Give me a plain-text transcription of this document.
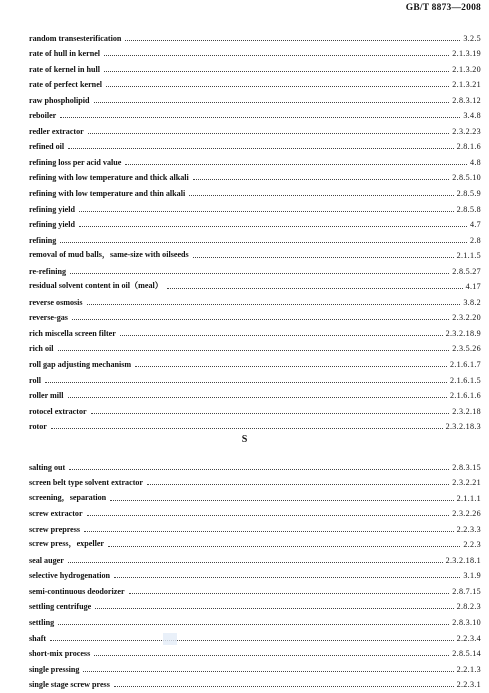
GB/T 8873—2008
random transesterification	3.2.5
rate of hull in kernel	2.1.3.19
rate of kernel in hull	2.1.3.20
rate of perfect kernel	2.1.3.21
raw phospholipid	2.8.3.12
reboiler	3.4.8
redler extractor	2.3.2.23
refined oil	2.8.1.6
refining loss per acid value	4.8
refining with low temperature and thick alkali	2.8.5.10
refining with low temperature and thin alkali	2.8.5.9
refining yield	2.8.5.8
refining yield	4.7
refining	2.8
removal of mud balls，same-size with oilseeds	2.1.1.5
re-refining	2.8.5.27
residual solvent content in oil（meal）	4.17
reverse osmosis	3.8.2
reverse-gas	2.3.2.20
rich miscella screen filter	2.3.2.18.9
rich oil	2.3.5.26
roll gap adjusting mechanism	2.1.6.1.7
roll	2.1.6.1.5
roller mill	2.1.6.1.6
rotocel extractor	2.3.2.18
rotor	2.3.2.18.3
S
salting out	2.8.3.15
screen belt type solvent extractor	2.3.2.21
screening，separation	2.1.1.1
screw extractor	2.3.2.26
screw prepress	2.2.3.3
screw press，expeller	2.2.3
seal auger	2.3.2.18.1
selective hydrogenation	3.1.9
semi-continuous deodorizer	2.8.7.15
settling centrifuge	2.8.2.3
settling	2.8.3.10
shaft	2.2.3.4
short-mix process	2.8.5.14
single pressing	2.2.1.3
single stage screw press	2.2.3.1
